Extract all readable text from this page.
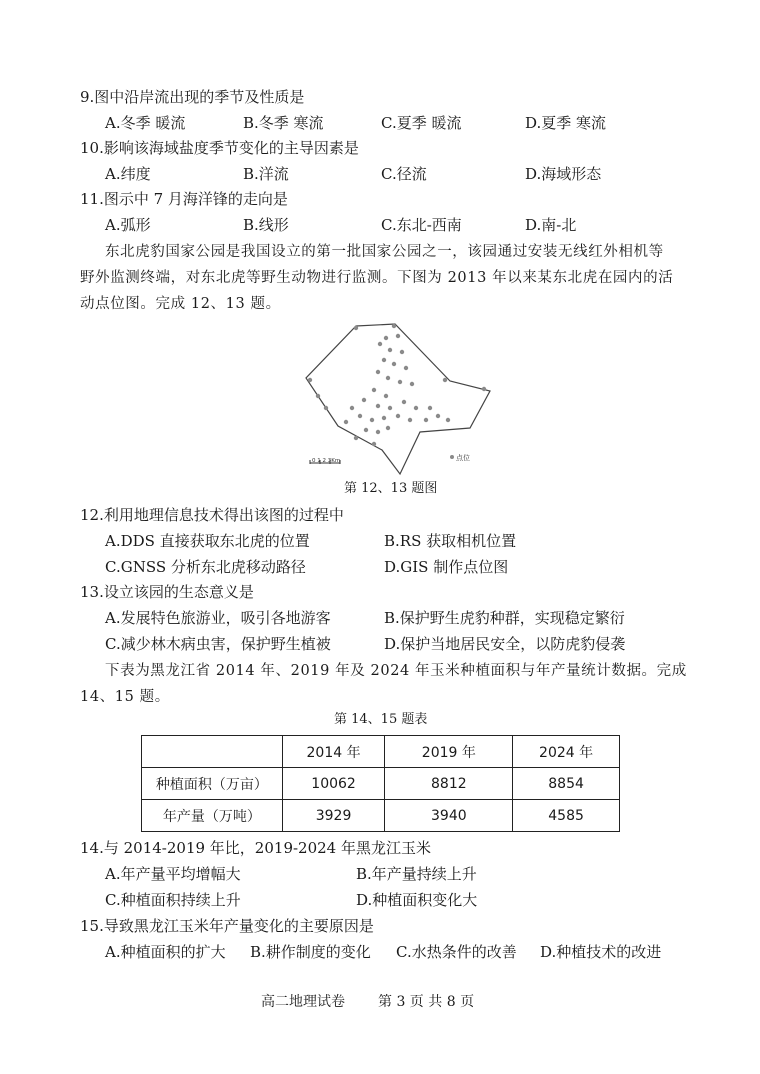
9.图中沿岸流出现的季节及性质是
A.冬季 暖流	B.冬季 寒流	C.夏季 暖流	D.夏季 寒流
10.影响该海域盐度季节变化的主导因素是
A.纬度	B.洋流	C.径流	D.海域形态
11.图示中 7 月海洋锋的走向是
A.弧形	B.线形	C.东北-西南	D.南-北
东北虎豹国家公园是我国设立的第一批国家公园之一，该园通过安装无线红外相机等
野外监测终端，对东北虎等野生动物进行监测。下图为 2013 年以来某东北虎在园内的活
动点位图。完成 12、13 题。
0 1 2 3Km	点位
第 12、13 题图
12.利用地理信息技术得出该图的过程中
A.DDS 直接获取东北虎的位置	B.RS 获取相机位置
C.GNSS 分析东北虎移动路径	D.GIS 制作点位图
13.设立该园的生态意义是
A.发展特色旅游业，吸引各地游客	B.保护野生虎豹种群，实现稳定繁衍
C.减少林木病虫害，保护野生植被	D.保护当地居民安全，以防虎豹侵袭
下表为黑龙江省 2014 年、2019 年及 2024 年玉米种植面积与年产量统计数据。完成
14、15 题。
第 14、15 题表
	2014 年	2019 年	2024 年
种植面积（万亩）	10062	8812	8854
年产量（万吨）	3929	3940	4585
14.与 2014-2019 年比，2019-2024 年黑龙江玉米
A.年产量平均增幅大	B.年产量持续上升
C.种植面积持续上升	D.种植面积变化大
15.导致黑龙江玉米年产量变化的主要原因是
A.种植面积的扩大 B.耕作制度的变化 C.水热条件的改善 D.种植技术的改进
高二地理试卷 第 3 页 共 8 页
